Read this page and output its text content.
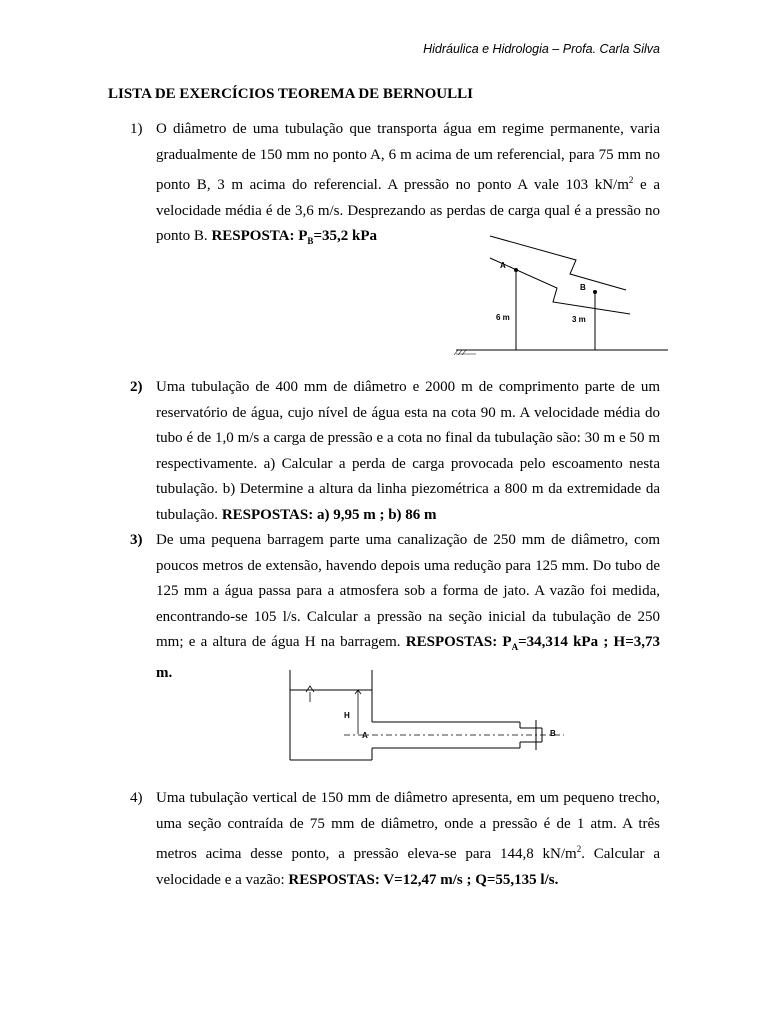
Hidráulica e Hidrologia – Profa. Carla Silva
LISTA DE EXERCÍCIOS TEOREMA DE BERNOULLI
1) O diâmetro de uma tubulação que transporta água em regime permanente, varia gradualmente de 150 mm no ponto A, 6 m acima de um referencial, para 75 mm no ponto B, 3 m acima do referencial. A pressão no ponto A vale 103 $kN/m^2$ e a velocidade média é de 3,6 m/s. Desprezando as perdas de carga qual é a pressão no ponto B. RESPOSTA: $P_B=35,2$ kPa
A
B
6 m	3 m
2) Uma tubulação de 400 mm de diâmetro e 2000 m de comprimento parte de um reservatório de água, cujo nível de água esta na cota 90 m. A velocidade média do tubo é de 1,0 m/s a carga de pressão e a cota no final da tubulação são: 30 m e 50 m respectivamente. a) Calcular a perda de carga provocada pelo escoamento nesta tubulação. b) Determine a altura da linha piezométrica a 800 m da extremidade da tubulação. RESPOSTAS: a) 9,95 m ; b) 86 m
3) De uma pequena barragem parte uma canalização de 250 mm de diâmetro, com poucos metros de extensão, havendo depois uma redução para 125 mm. Do tubo de 125 mm a água passa para a atmosfera sob a forma de jato. A vazão foi medida, encontrando-se 105 l/s. Calcular a pressão na seção inicial da tubulação de 250 mm; e a altura de água H na barragem. RESPOSTAS: $P_A=34,314$ kPa ; H=3,73 m.
H
A	B
4) Uma tubulação vertical de 150 mm de diâmetro apresenta, em um pequeno trecho, uma seção contraída de 75 mm de diâmetro, onde a pressão é de 1 atm. A três metros acima desse ponto, a pressão eleva-se para 144,8 $kN/m^2$. Calcular a velocidade e a vazão: RESPOSTAS: V=12,47 m/s ; Q=55,135 l/s.
